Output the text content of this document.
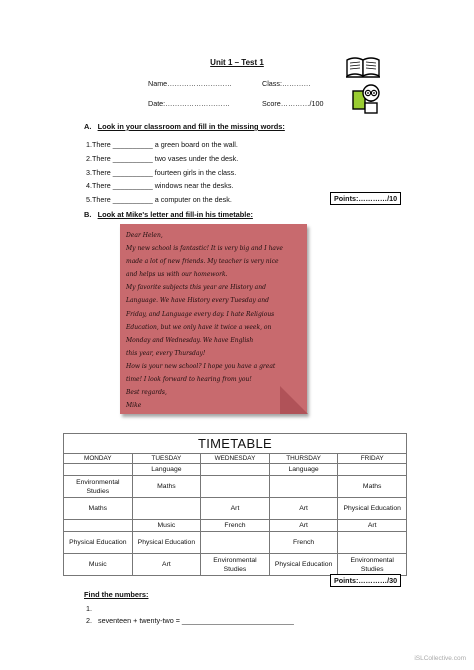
Unit 1 – Test 1
Name………………………	Class:…………
Date:………………………	Score…………/100
A. Look in your classroom and fill in the missing words:
1.There __________ a green board on the wall.
2.There __________ two vases under the desk.
3.There __________ fourteen girls in the class.
4.There __________ windows near the desks.
5.There __________ a computer on the desk.	Points:…………/10
B. Look at Mike's letter and fill-in his timetable:
Dear Helen,
My new school is fantastic! It is very big and I have
made a lot of new friends. My teacher is very nice
and helps us with our homework.
My favorite subjects this year are History and
Language. We have History every Tuesday and
Friday, and Language every day. I hate Religious
Education, but we only have it twice a week, on
Monday and Wednesday. We have English
this year, every Thursday!
How is your new school? I hope you have a great
time! I look forward to hearing from you!
Best regards,
Mike
TIMETABLE				
MONDAY	TUESDAY	WEDNESDAY	THURSDAY	FRIDAY
	Language		Language	
Environmental Studies	Maths			Maths
Maths		Art	Art	Physical Education
	Music	French	Art	Art
Physical Education	Physical Education		French	
Music	Art	Environmental Studies	Physical Education	Environmental Studies
Points:…………/30
Find the numbers:
1.
2. seventeen + twenty-two = ____________________________
iSLCollective.com
